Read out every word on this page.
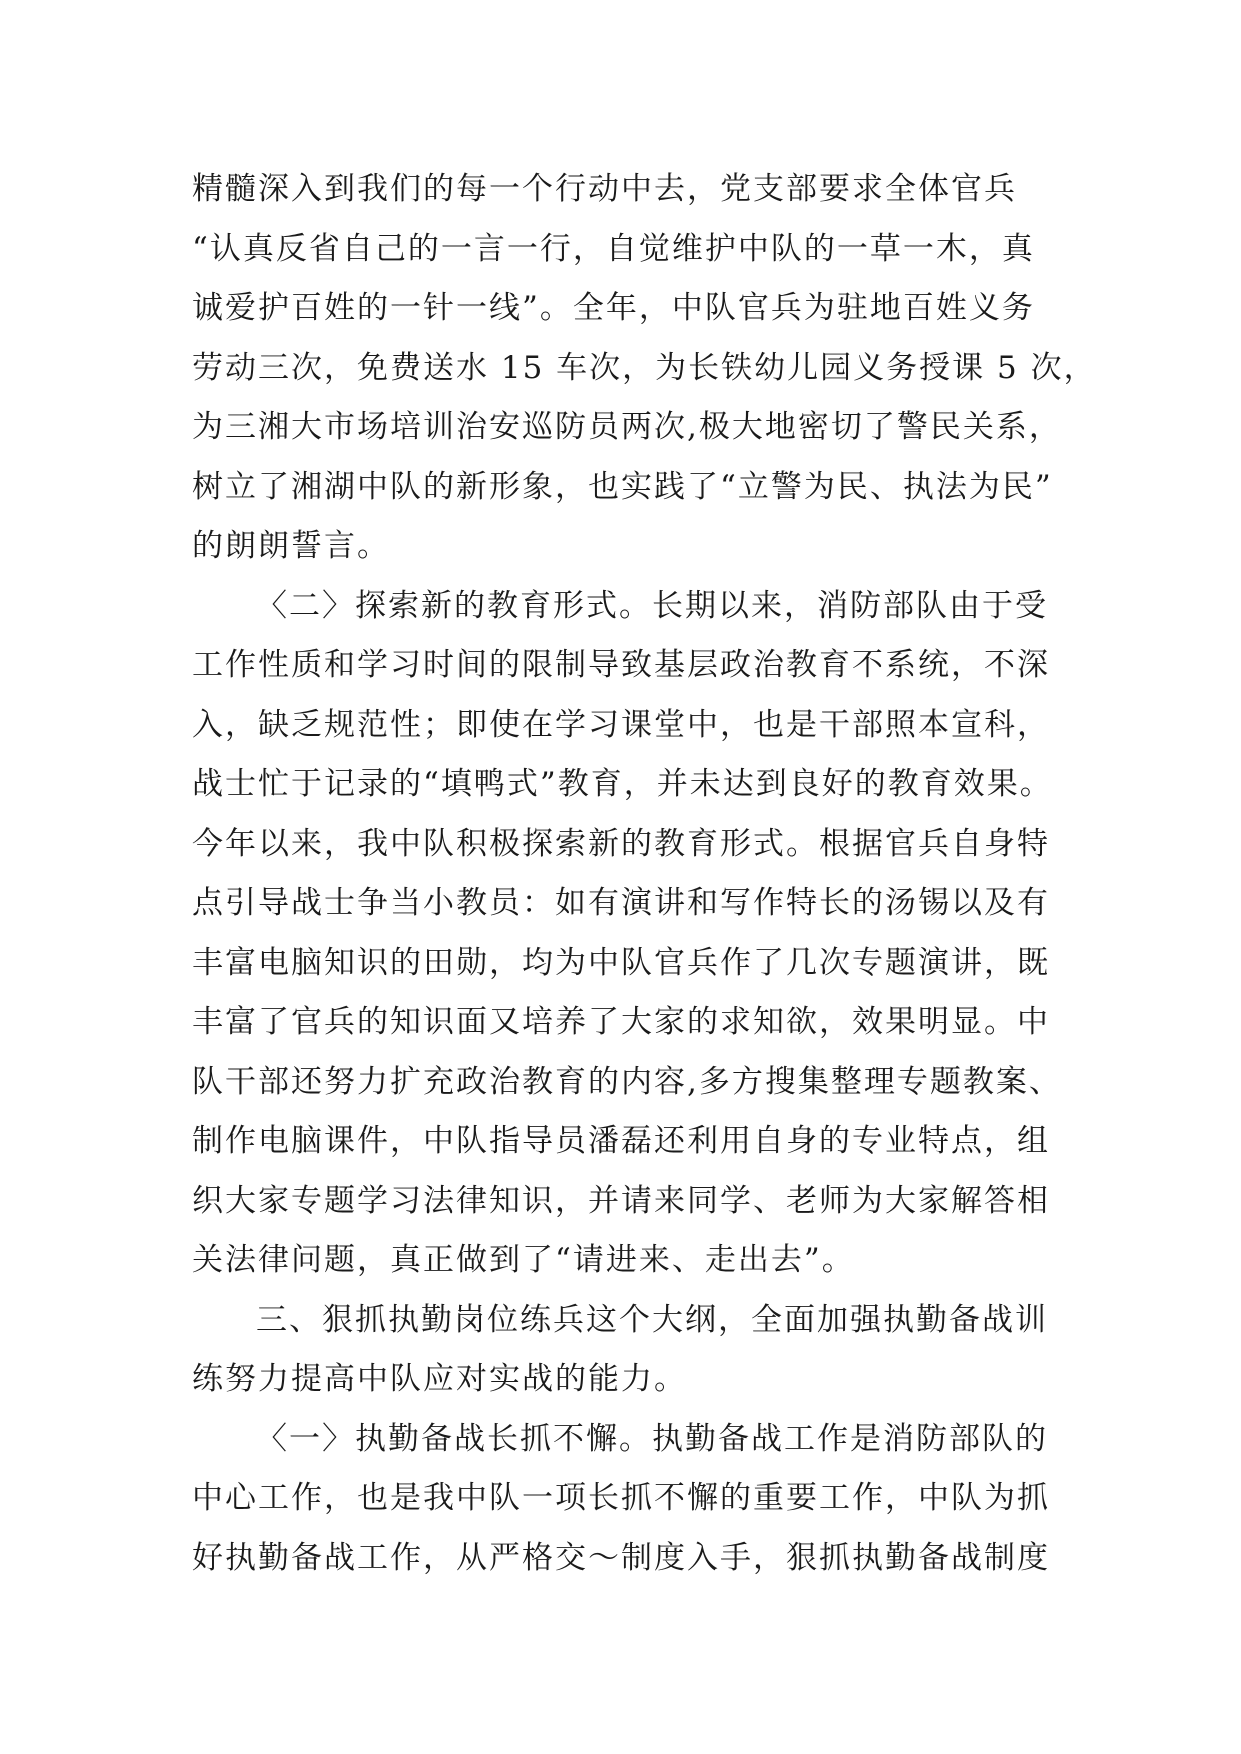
精髓深入到我们的每一个行动中去，党支部要求全体官兵
“认真反省自己的一言一行，自觉维护中队的一草一木，真
诚爱护百姓的一针一线”。全年，中队官兵为驻地百姓义务
劳动三次，免费送水 15 车次，为长铁幼儿园义务授课 5 次，
为三湘大市场培训治安巡防员两次,极大地密切了警民关系，
树立了湘湖中队的新形象，也实践了“立警为民、执法为民”
的朗朗誓言。
〈二〉探索新的教育形式。长期以来，消防部队由于受
工作性质和学习时间的限制导致基层政治教育不系统，不深
入，缺乏规范性；即使在学习课堂中，也是干部照本宣科，
战士忙于记录的“填鸭式”教育，并未达到良好的教育效果。
今年以来，我中队积极探索新的教育形式。根据官兵自身特
点引导战士争当小教员：如有演讲和写作特长的汤锡以及有
丰富电脑知识的田勋，均为中队官兵作了几次专题演讲，既
丰富了官兵的知识面又培养了大家的求知欲，效果明显。中
队干部还努力扩充政治教育的内容,多方搜集整理专题教案、
制作电脑课件，中队指导员潘磊还利用自身的专业特点，组
织大家专题学习法律知识，并请来同学、老师为大家解答相
关法律问题，真正做到了“请进来、走出去”。
三、狠抓执勤岗位练兵这个大纲，全面加强执勤备战训
练努力提高中队应对实战的能力。
〈一〉执勤备战长抓不懈。执勤备战工作是消防部队的
中心工作，也是我中队一项长抓不懈的重要工作，中队为抓
好执勤备战工作，从严格交～制度入手，狠抓执勤备战制度
